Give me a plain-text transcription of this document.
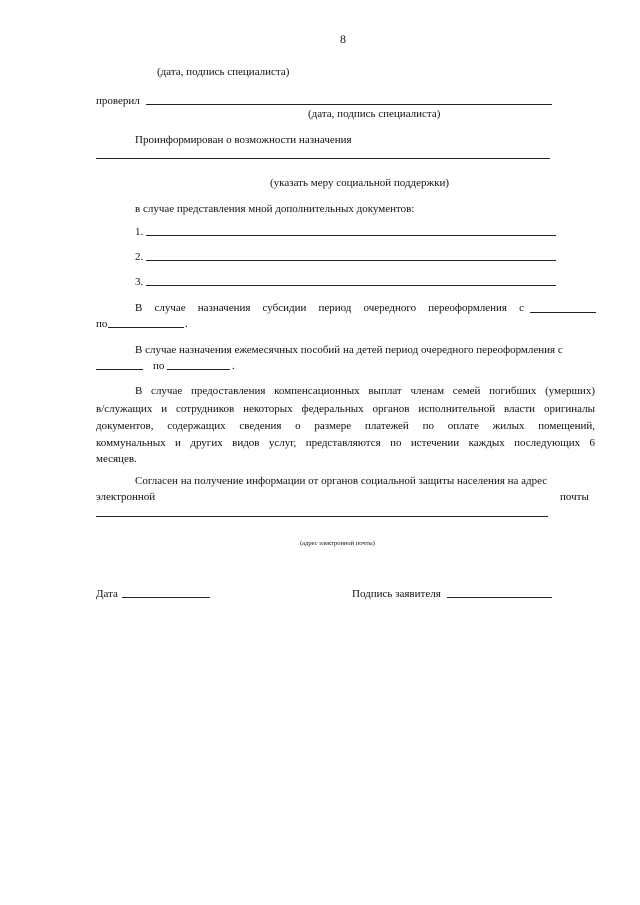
8
(дата, подпись специалиста)
проверил
(дата, подпись специалиста)
Проинформирован о возможности назначения
(указать меру социальной поддержки)
в случае представления мной дополнительных документов:
1.
2.
3.
В случае назначения субсидии период очередного переоформления с
по	.
В случае назначения ежемесячных пособий на детей период очередного переоформления с
по	.
В случае предоставления компенсационных выплат членам семей погибших (умерших)
в/служащих и сотрудников некоторых федеральных органов исполнительной власти оригиналы
документов, содержащих сведения о размере платежей по оплате жилых помещений,
коммунальных и других видов услуг, представляются по истечении каждых последующих 6
месяцев.
Согласен на получение информации от органов социальной защиты населения на адрес
электронной	почты
(адрес электронной почты)
Дата	Подпись заявителя
